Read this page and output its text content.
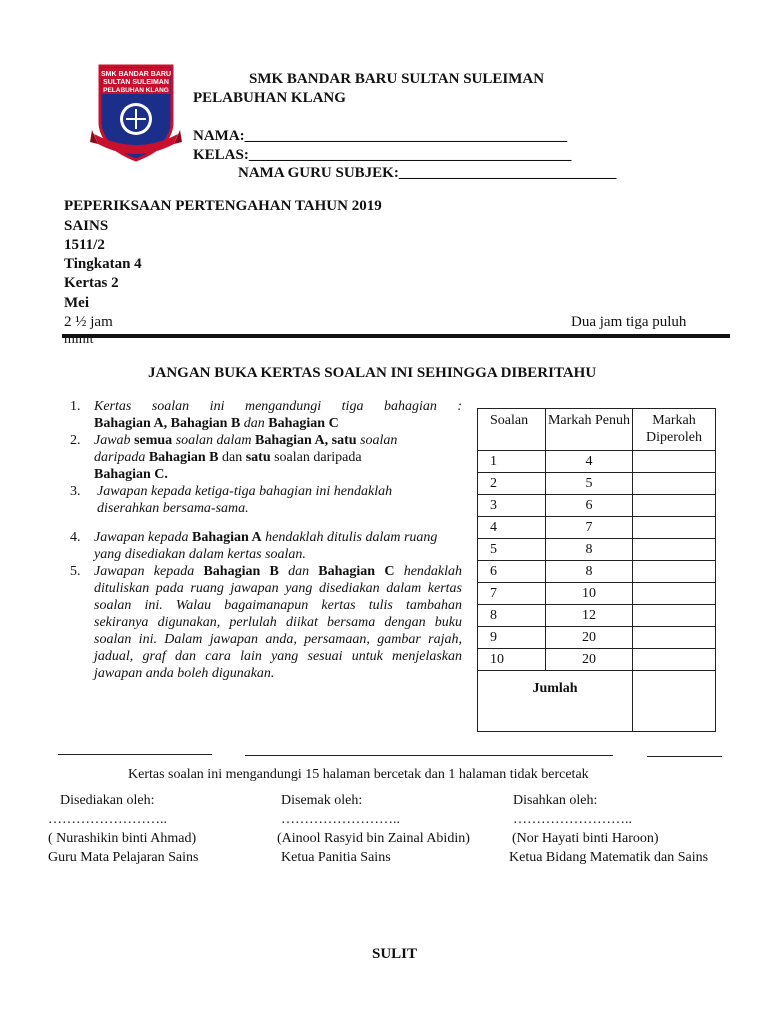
SMK BANDAR BARU
SULTAN SULEIMAN
PELABUHAN KLANG
SMK BANDAR BARU SULTAN SULEIMAN
PELABUHAN KLANG
NAMA:___________________________________________
KELAS:___________________________________________
NAMA GURU SUBJEK:_____________________________
PEPERIKSAAN PERTENGAHAN TAHUN 2019
SAINS
1511/2
Tingkatan 4
Kertas 2
Mei
2 ½ jam	Dua jam tiga puluh
minit
JANGAN BUKA KERTAS SOALAN INI SEHINGGA DIBERITAHU
1. Kertas soalan ini mengandungi tiga bahagian :
Bahagian A, Bahagian B dan Bahagian C
2. Jawab semua soalan dalam Bahagian A, satu soalan
daripada Bahagian B dan satu soalan daripada
Bahagian C.
3. Jawapan kepada ketiga-tiga bahagian ini hendaklah diserahkan bersama-sama.
4. Jawapan kepada Bahagian A hendaklah ditulis dalam ruang yang disediakan dalam kertas soalan.
5. Jawapan kepada Bahagian B dan Bahagian C hendaklah dituliskan pada ruang jawapan yang disediakan dalam kertas soalan ini. Walau bagaimanapun kertas tulis tambahan sekiranya digunakan, perlulah diikat bersama dengan buku soalan ini. Dalam jawapan anda, persamaan, gambar rajah, jadual, graf dan cara lain yang sesuai untuk menjelaskan jawapan anda boleh digunakan.
Soalan	Markah Penuh	Markah Diperoleh
1	4	
2	5	
3	6	
4	7	
5	8	
6	8	
7	10	
8	12	
9	20	
10	20	
Jumlah		
Kertas soalan ini mengandungi 15 halaman bercetak dan 1 halaman tidak bercetak
Disediakan oleh:	Disemak oleh:	Disahkan oleh:
……………………..	……………………..	……………………..
( Nurashikin binti Ahmad)	(Ainool Rasyid bin Zainal Abidin)	(Nor Hayati binti Haroon)
Guru Mata Pelajaran Sains	Ketua Panitia Sains	Ketua Bidang Matematik dan Sains
SULIT
